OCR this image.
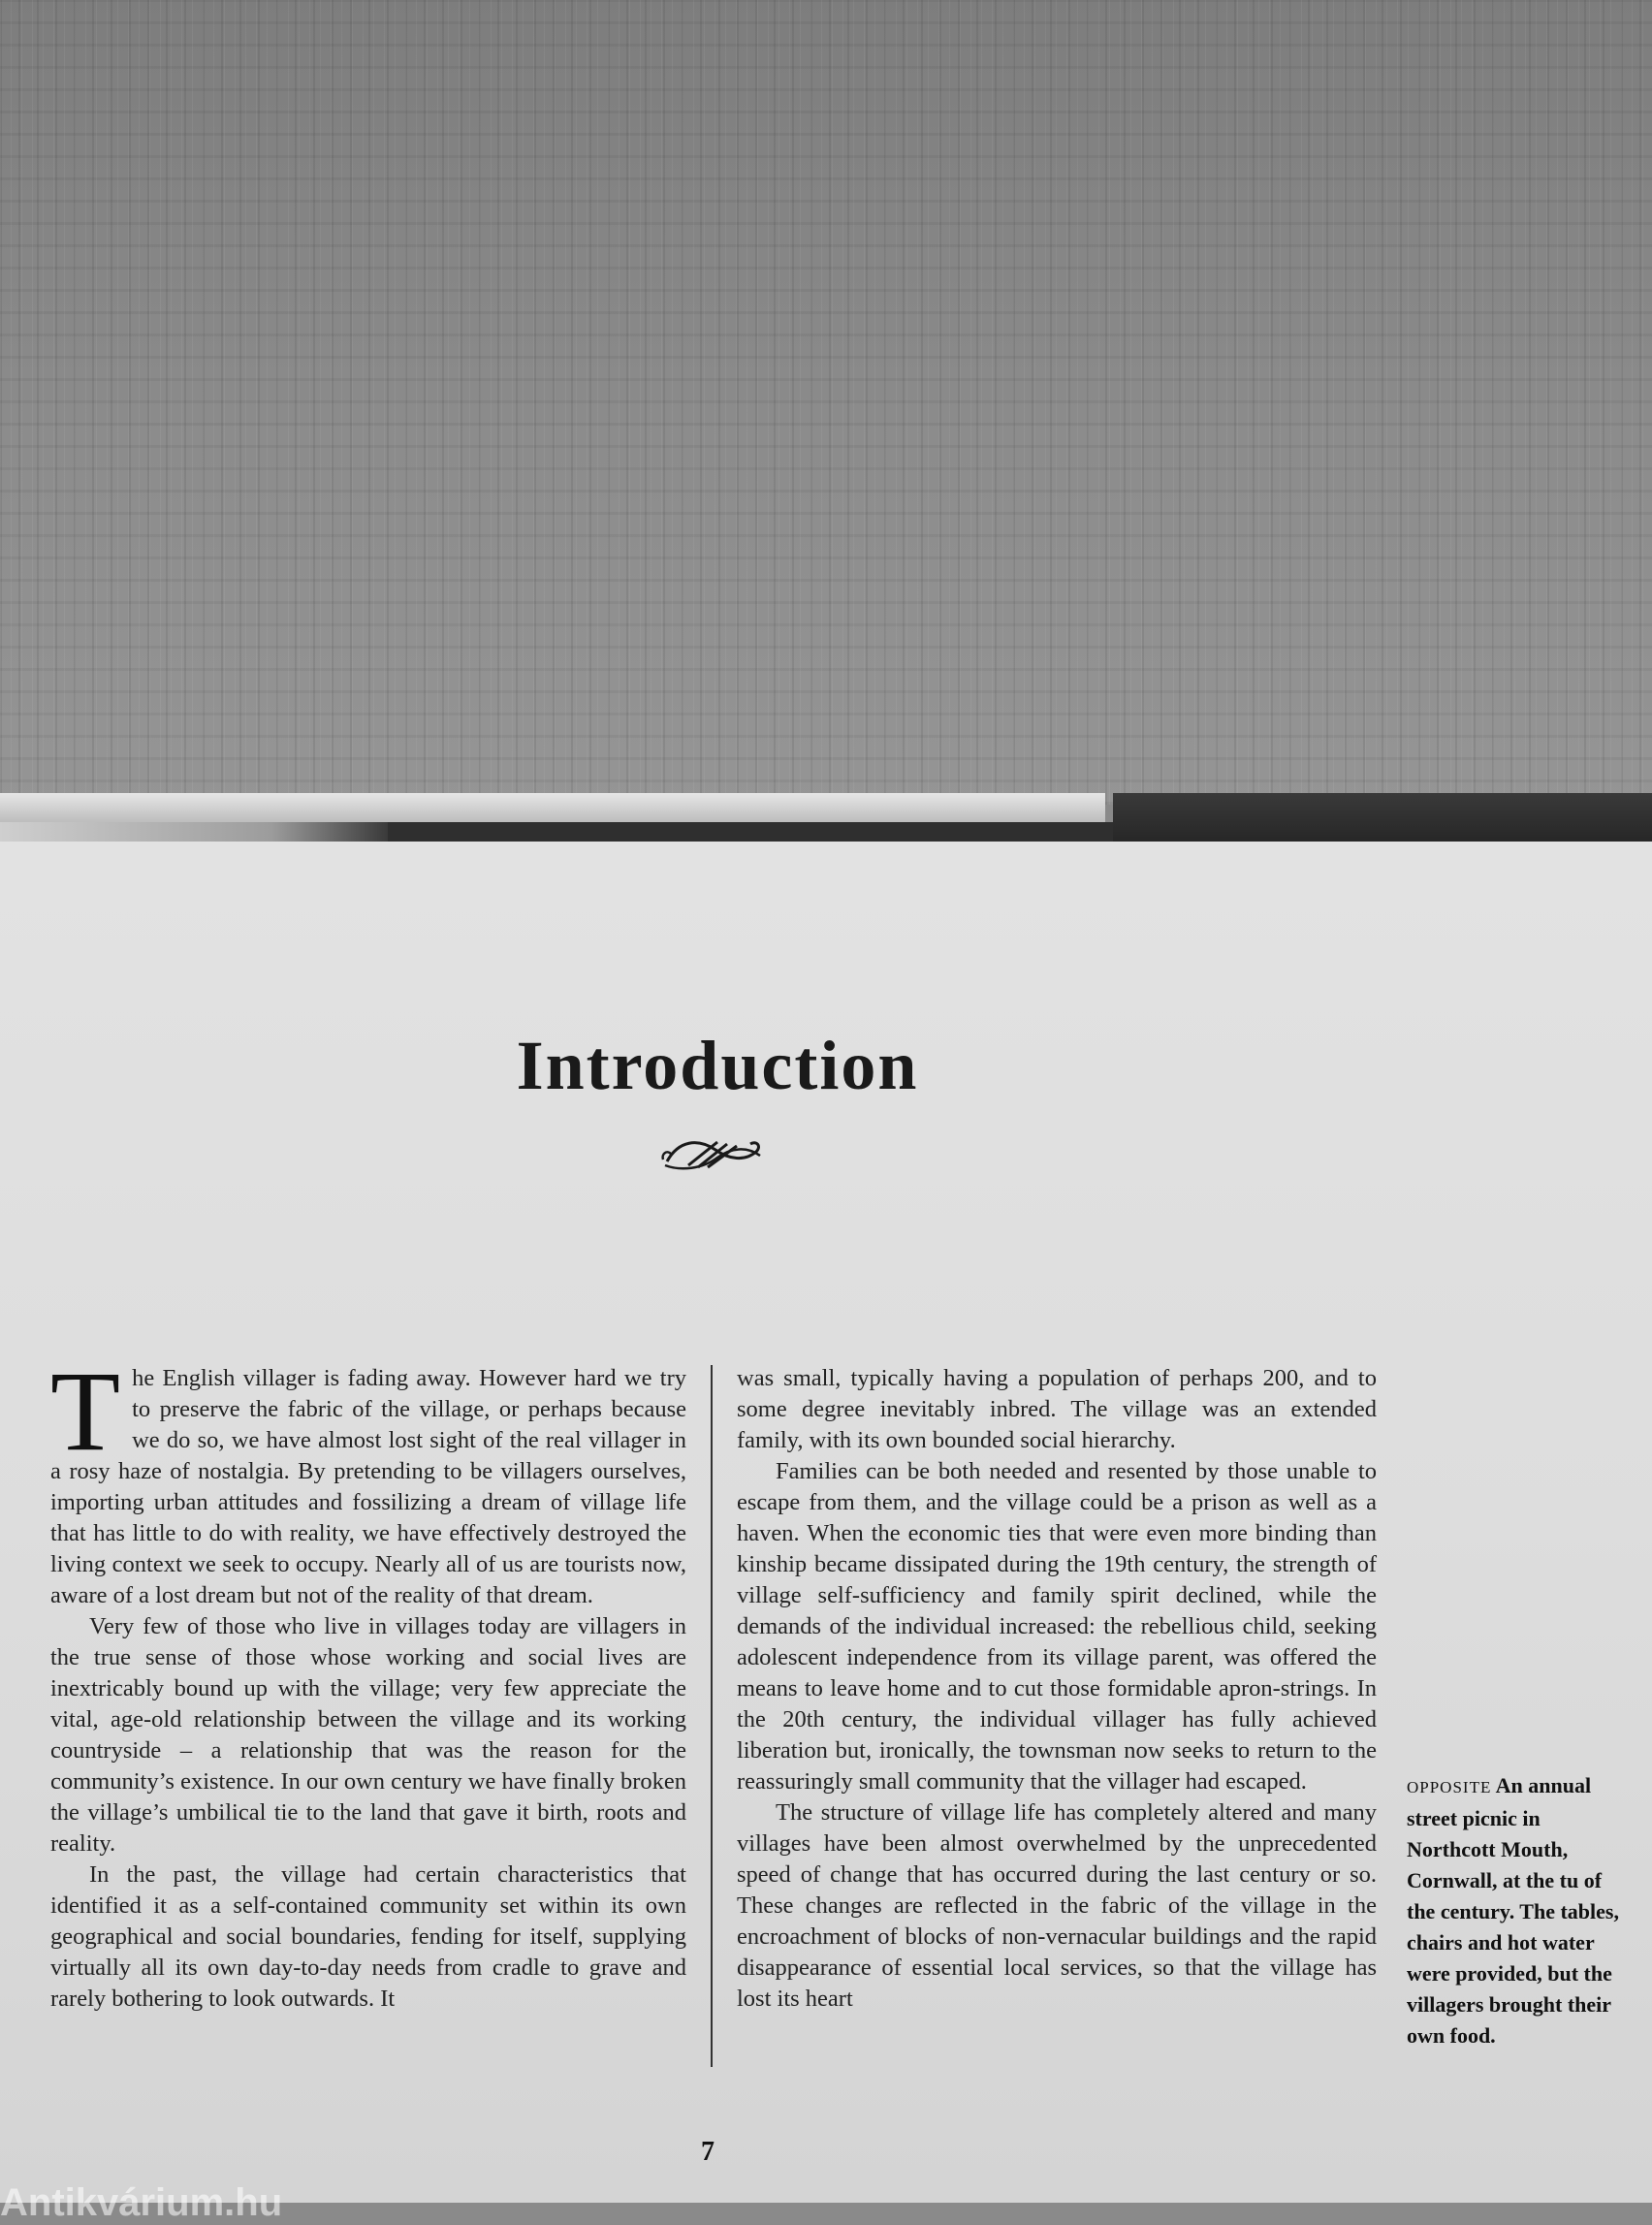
Introduction

The English villager is fading away. However hard we try to preserve the fabric of the village, or perhaps because we do so, we have almost lost sight of the real villager in a rosy haze of nostalgia. By pretending to be villagers ourselves, importing urban attitudes and fossilizing a dream of village life that has little to do with reality, we have effectively destroyed the living context we seek to occupy. Nearly all of us are tourists now, aware of a lost dream but not of the reality of that dream.

Very few of those who live in villages today are villagers in the true sense of those whose working and social lives are inextricably bound up with the village; very few appreciate the vital, age-old relationship between the village and its working countryside – a relationship that was the reason for the community’s existence. In our own century we have finally broken the village’s umbilical tie to the land that gave it birth, roots and reality.

In the past, the village had certain characteristics that identified it as a self-contained community set within its own geographical and social boundaries, fending for itself, supplying virtually all its own day-to-day needs from cradle to grave and rarely bothering to look outwards. It

was small, typically having a population of perhaps 200, and to some degree inevitably inbred. The village was an extended family, with its own bounded social hierarchy.

Families can be both needed and resented by those unable to escape from them, and the village could be a prison as well as a haven. When the economic ties that were even more binding than kinship became dissipated during the 19th century, the strength of village self-sufficiency and family spirit declined, while the demands of the individual increased: the rebellious child, seeking adolescent independence from its village parent, was offered the means to leave home and to cut those formidable apron-strings. In the 20th century, the individual villager has fully achieved liberation but, ironically, the townsman now seeks to return to the reassuringly small community that the villager had escaped.

The structure of village life has completely altered and many villages have been almost overwhelmed by the unprecedented speed of change that has occurred during the last century or so. These changes are reflected in the fabric of the village in the encroachment of blocks of non-vernacular buildings and the rapid disappearance of essential local services, so that the village has lost its heart

OPPOSITE An annual street picnic in Northcott Mouth, Cornwall, at the tu of the century. The tables, chairs and hot water were provided, but the villagers brought their own food.
7
Antikvárium.hu
